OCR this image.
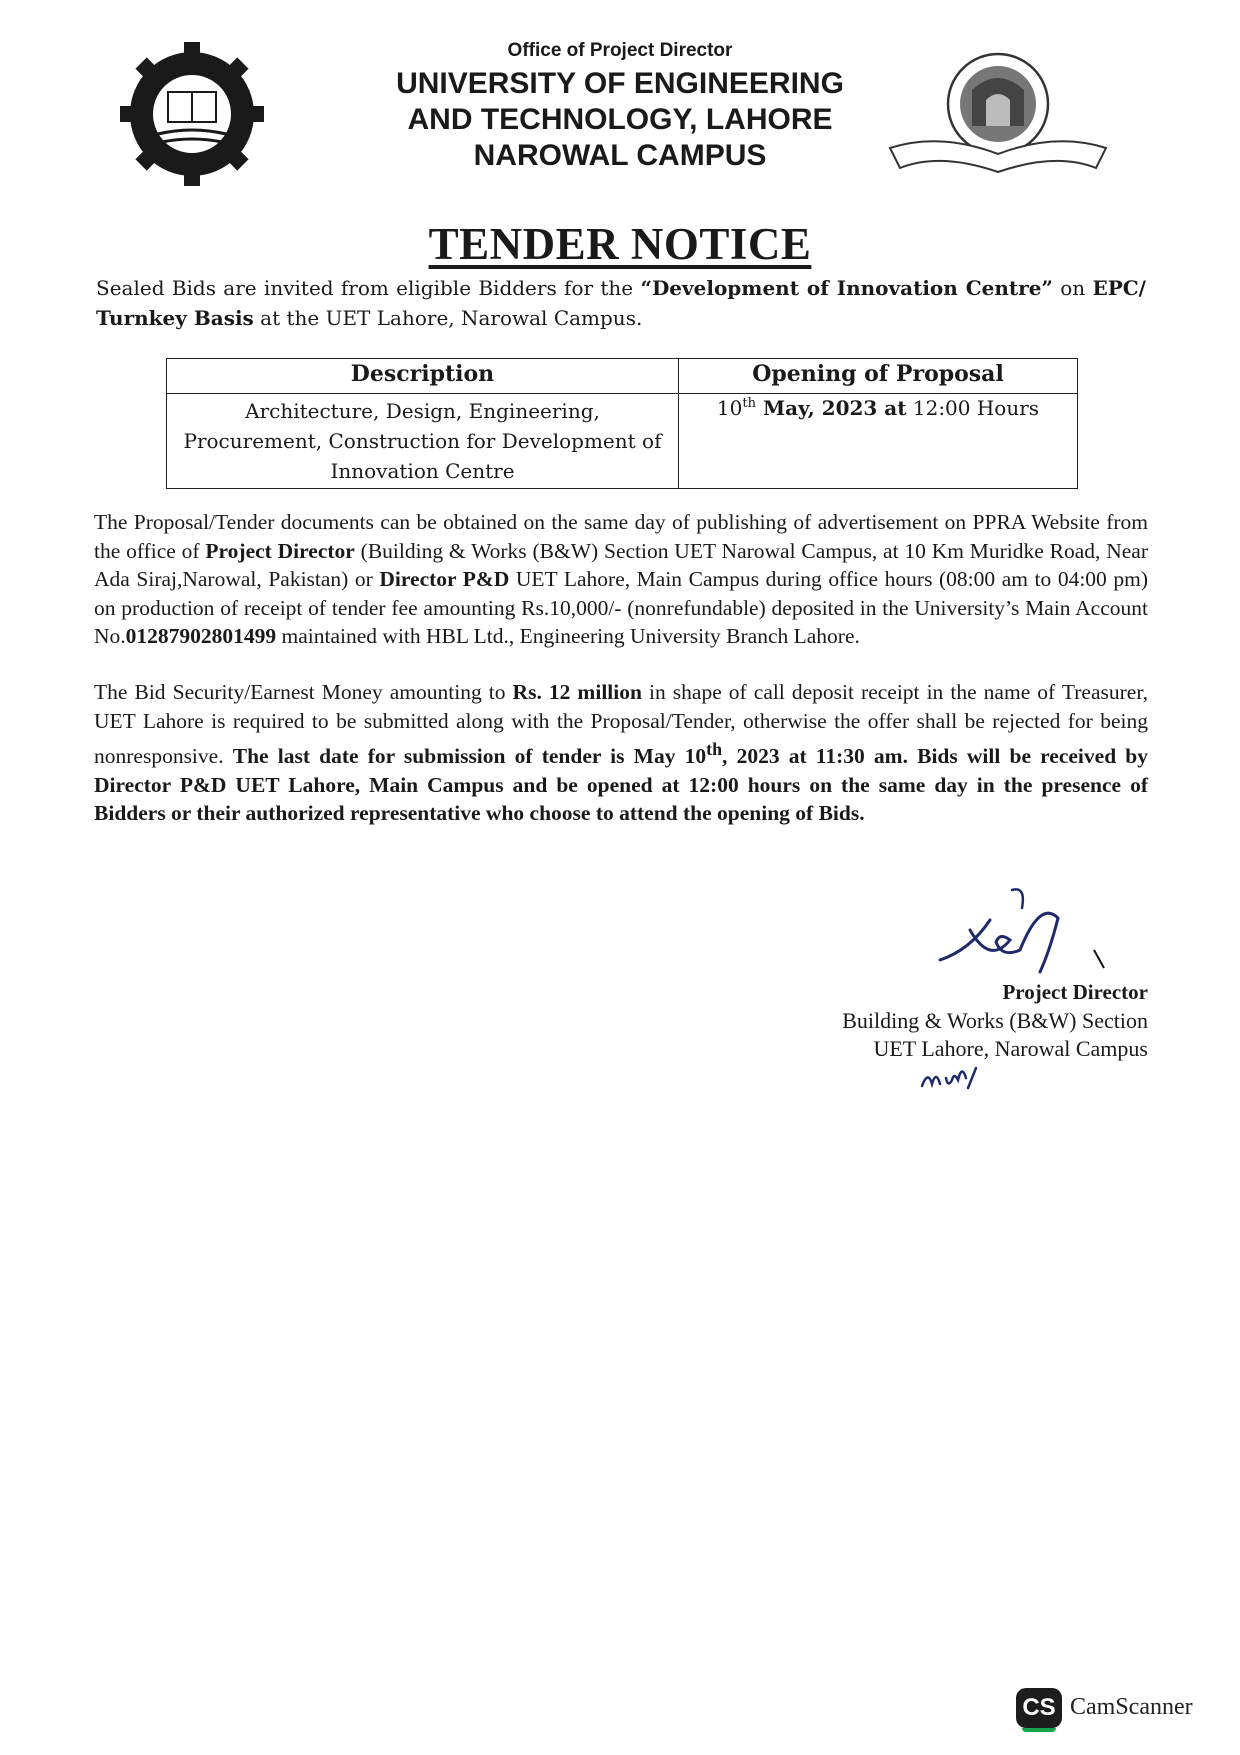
Office of Project Director
UNIVERSITY OF ENGINEERING
AND TECHNOLOGY, LAHORE
NAROWAL CAMPUS
TENDER NOTICE
Sealed Bids are invited from eligible Bidders for the “Development of Innovation Centre” on EPC/ Turnkey Basis at the UET Lahore, Narowal Campus.
Description	Opening of Proposal
Architecture, Design, Engineering, Procurement, Construction for Development of Innovation Centre	10th May, 2023 at 12:00 Hours
The Proposal/Tender documents can be obtained on the same day of publishing of advertisement on PPRA Website from the office of Project Director (Building & Works (B&W) Section UET Narowal Campus, at 10 Km Muridke Road, Near Ada Siraj,Narowal, Pakistan) or Director P&D UET Lahore, Main Campus during office hours (08:00 am to 04:00 pm) on production of receipt of tender fee amounting Rs.10,000/- (nonrefundable) deposited in the University’s Main Account No.01287902801499 maintained with HBL Ltd., Engineering University Branch Lahore.
The Bid Security/Earnest Money amounting to Rs. 12 million in shape of call deposit receipt in the name of Treasurer, UET Lahore is required to be submitted along with the Proposal/Tender, otherwise the offer shall be rejected for being nonresponsive. The last date for submission of tender is May 10th, 2023 at 11:30 am. Bids will be received by Director P&D UET Lahore, Main Campus and be opened at 12:00 hours on the same day in the presence of Bidders or their authorized representative who choose to attend the opening of Bids.
Project Director
Building & Works (B&W) Section
UET Lahore, Narowal Campus
CS CamScanner
